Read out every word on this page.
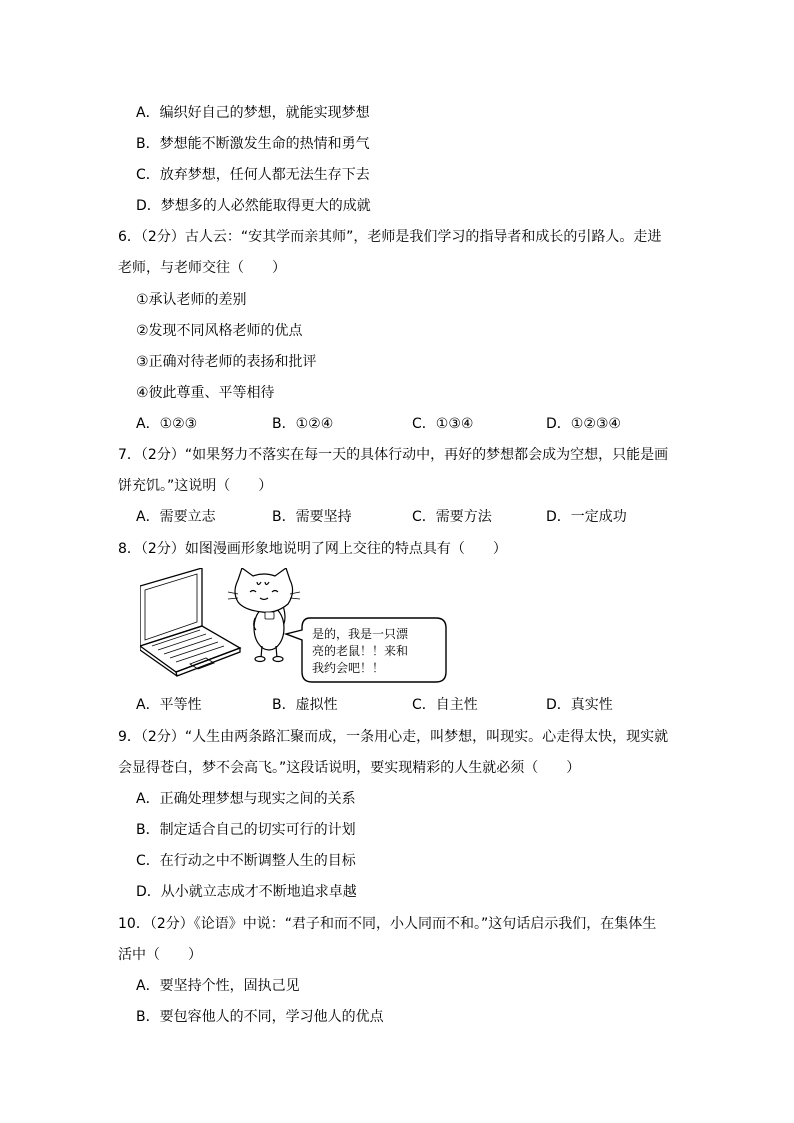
A．编织好自己的梦想，就能实现梦想

B．梦想能不断激发生命的热情和勇气

C．放弃梦想，任何人都无法生存下去

D．梦想多的人必然能取得更大的成就

6．（2分）古人云：“安其学而亲其师”，老师是我们学习的指导者和成长的引路人。走进

老师，与老师交往（　　）

①承认老师的差别

②发现不同风格老师的优点

③正确对待老师的表扬和批评

④彼此尊重、平等相待

A．①②③	B．①②④	C．①③④	D．①②③④

7．（2分）“如果努力不落实在每一天的具体行动中，再好的梦想都会成为空想，只能是画

饼充饥。”这说明（　　）

A．需要立志	B．需要坚持	C．需要方法	D．一定成功

8．（2分）如图漫画形象地说明了网上交往的特点具有（　　）

是的，我是一只漂
亮的老鼠！！来和
我约会吧！！
A．平等性	B．虚拟性	C．自主性	D．真实性

9．（2分）“人生由两条路汇聚而成，一条用心走，叫梦想，叫现实。心走得太快，现实就

会显得苍白，梦不会高飞。”这段话说明，要实现精彩的人生就必须（　　）

A．正确处理梦想与现实之间的关系

B．制定适合自己的切实可行的计划

C．在行动之中不断调整人生的目标

D．从小就立志成才不断地追求卓越

10．（2分）《论语》中说：“君子和而不同，小人同而不和。”这句话启示我们，在集体生

活中（　　）

A．要坚持个性，固执己见

B．要包容他人的不同，学习他人的优点
